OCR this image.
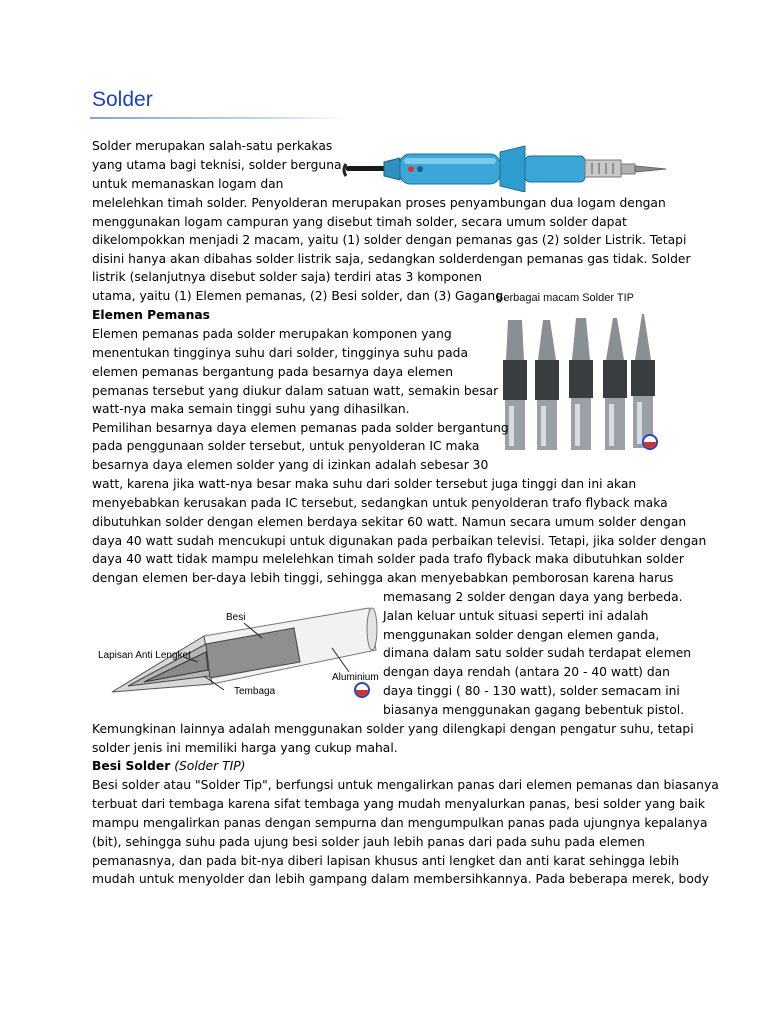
Solder
Berbagai macam Solder TIP
Besi
Lapisan Anti Lengket
Aluminium
Tembaga

Solder merupakan salah-satu perkakas

yang utama bagi teknisi, solder berguna

untuk memanaskan logam dan

melelehkan timah solder. Penyolderan merupakan proses penyambungan dua logam dengan

menggunakan logam campuran yang disebut timah solder, secara umum solder dapat

dikelompokkan menjadi 2 macam, yaitu (1) solder dengan pemanas gas (2) solder Listrik. Tetapi

disini hanya akan dibahas solder listrik saja, sedangkan solderdengan pemanas gas tidak. Solder

listrik (selanjutnya disebut solder saja) terdiri atas 3 komponen

utama, yaitu (1) Elemen pemanas, (2) Besi solder, dan (3) Gagang.

Elemen Pemanas

Elemen pemanas pada solder merupakan komponen yang

menentukan tingginya suhu dari solder, tingginya suhu pada

elemen pemanas bergantung pada besarnya daya elemen

pemanas tersebut yang diukur dalam satuan watt, semakin besar

watt-nya maka semain tinggi suhu yang dihasilkan.

Pemilihan besarnya daya elemen pemanas pada solder bergantung

pada penggunaan solder tersebut, untuk penyolderan IC maka

besarnya daya elemen solder yang di izinkan adalah sebesar 30

watt, karena jika watt-nya besar maka suhu dari solder tersebut juga tinggi dan ini akan

menyebabkan kerusakan pada IC tersebut, sedangkan untuk penyolderan trafo flyback maka

dibutuhkan solder dengan elemen berdaya sekitar 60 watt. Namun secara umum solder dengan

daya 40 watt sudah mencukupi untuk digunakan pada perbaikan televisi. Tetapi, jika solder dengan

daya 40 watt tidak mampu melelehkan timah solder pada trafo flyback maka dibutuhkan solder

dengan elemen ber-daya lebih tinggi, sehingga akan menyebabkan pemborosan karena harus

memasang 2 solder dengan daya yang berbeda.

Jalan keluar untuk situasi seperti ini adalah

menggunakan solder dengan elemen ganda,

dimana dalam satu solder sudah terdapat elemen

dengan daya rendah (antara 20 - 40 watt) dan

daya tinggi ( 80 - 130 watt), solder semacam ini

biasanya menggunakan gagang bebentuk pistol.

Kemungkinan lainnya adalah menggunakan solder yang dilengkapi dengan pengatur suhu, tetapi

solder jenis ini memiliki harga yang cukup mahal.

Besi Solder (Solder TIP)

Besi solder atau "Solder Tip", berfungsi untuk mengalirkan panas dari elemen pemanas dan biasanya

terbuat dari tembaga karena sifat tembaga yang mudah menyalurkan panas, besi solder yang baik

mampu mengalirkan panas dengan sempurna dan mengumpulkan panas pada ujungnya kepalanya

(bit), sehingga suhu pada ujung besi solder jauh lebih panas dari pada suhu pada elemen

pemanasnya, dan pada bit-nya diberi lapisan khusus anti lengket dan anti karat sehingga lebih

mudah untuk menyolder dan lebih gampang dalam membersihkannya. Pada beberapa merek, body
